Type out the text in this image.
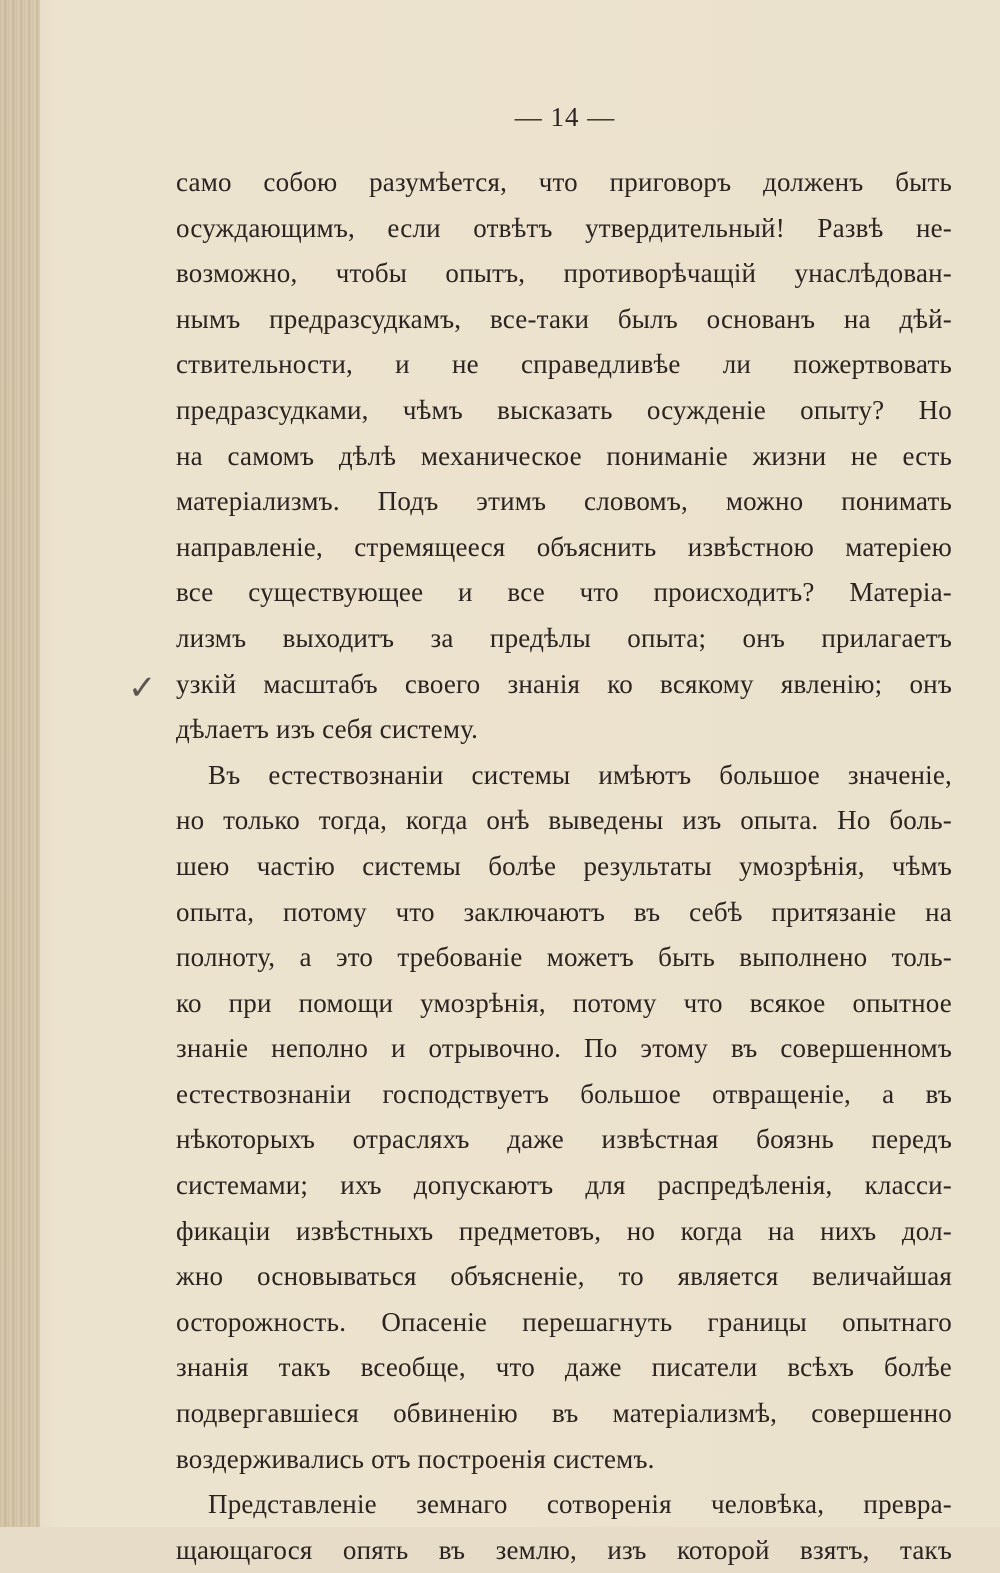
— 14 —
✓
само собою разумѣется, что приговоръ долженъ быть
осуждающимъ, если отвѣтъ утвердительный! Развѣ не-
возможно, чтобы опытъ, противорѣчащій унаслѣдован-
нымъ предразсудкамъ, все-таки былъ основанъ на дѣй-
ствительности, и не справедливѣе ли пожертвовать
предразсудками, чѣмъ высказать осужденіе опыту? Но
на самомъ дѣлѣ механическое пониманіе жизни не есть
матеріализмъ. Подъ этимъ словомъ, можно понимать
направленіе, стремящееся объяснить извѣстною матеріею
все существующее и все что происходитъ? Матеріа-
лизмъ выходитъ за предѣлы опыта; онъ прилагаетъ
узкій масштабъ своего знанія ко всякому явленію; онъ
дѣлаетъ изъ себя систему.
Въ естествознаніи системы имѣютъ большое значеніе,
но только тогда, когда онѣ выведены изъ опыта. Но боль-
шею частію системы болѣе результаты умозрѣнія, чѣмъ
опыта, потому что заключаютъ въ себѣ притязаніе на
полноту, а это требованіе можетъ быть выполнено толь-
ко при помощи умозрѣнія, потому что всякое опытное
знаніе неполно и отрывочно. По этому въ совершенномъ
естествознаніи господствуетъ большое отвращеніе, а въ
нѣкоторыхъ отрасляхъ даже извѣстная боязнь передъ
системами; ихъ допускаютъ для распредѣленія, класси-
фикаціи извѣстныхъ предметовъ, но когда на нихъ дол-
жно основываться объясненіе, то является величайшая
осторожность. Опасеніе перешагнуть границы опытнаго
знанія такъ всеобще, что даже писатели всѣхъ болѣе
подвергавшіеся обвиненію въ матеріализмѣ, совершенно
воздерживались отъ построенія системъ.
Представленіе земнаго сотворенія человѣка, превра-
щающагося опять въ землю, изъ которой взятъ, такъ
